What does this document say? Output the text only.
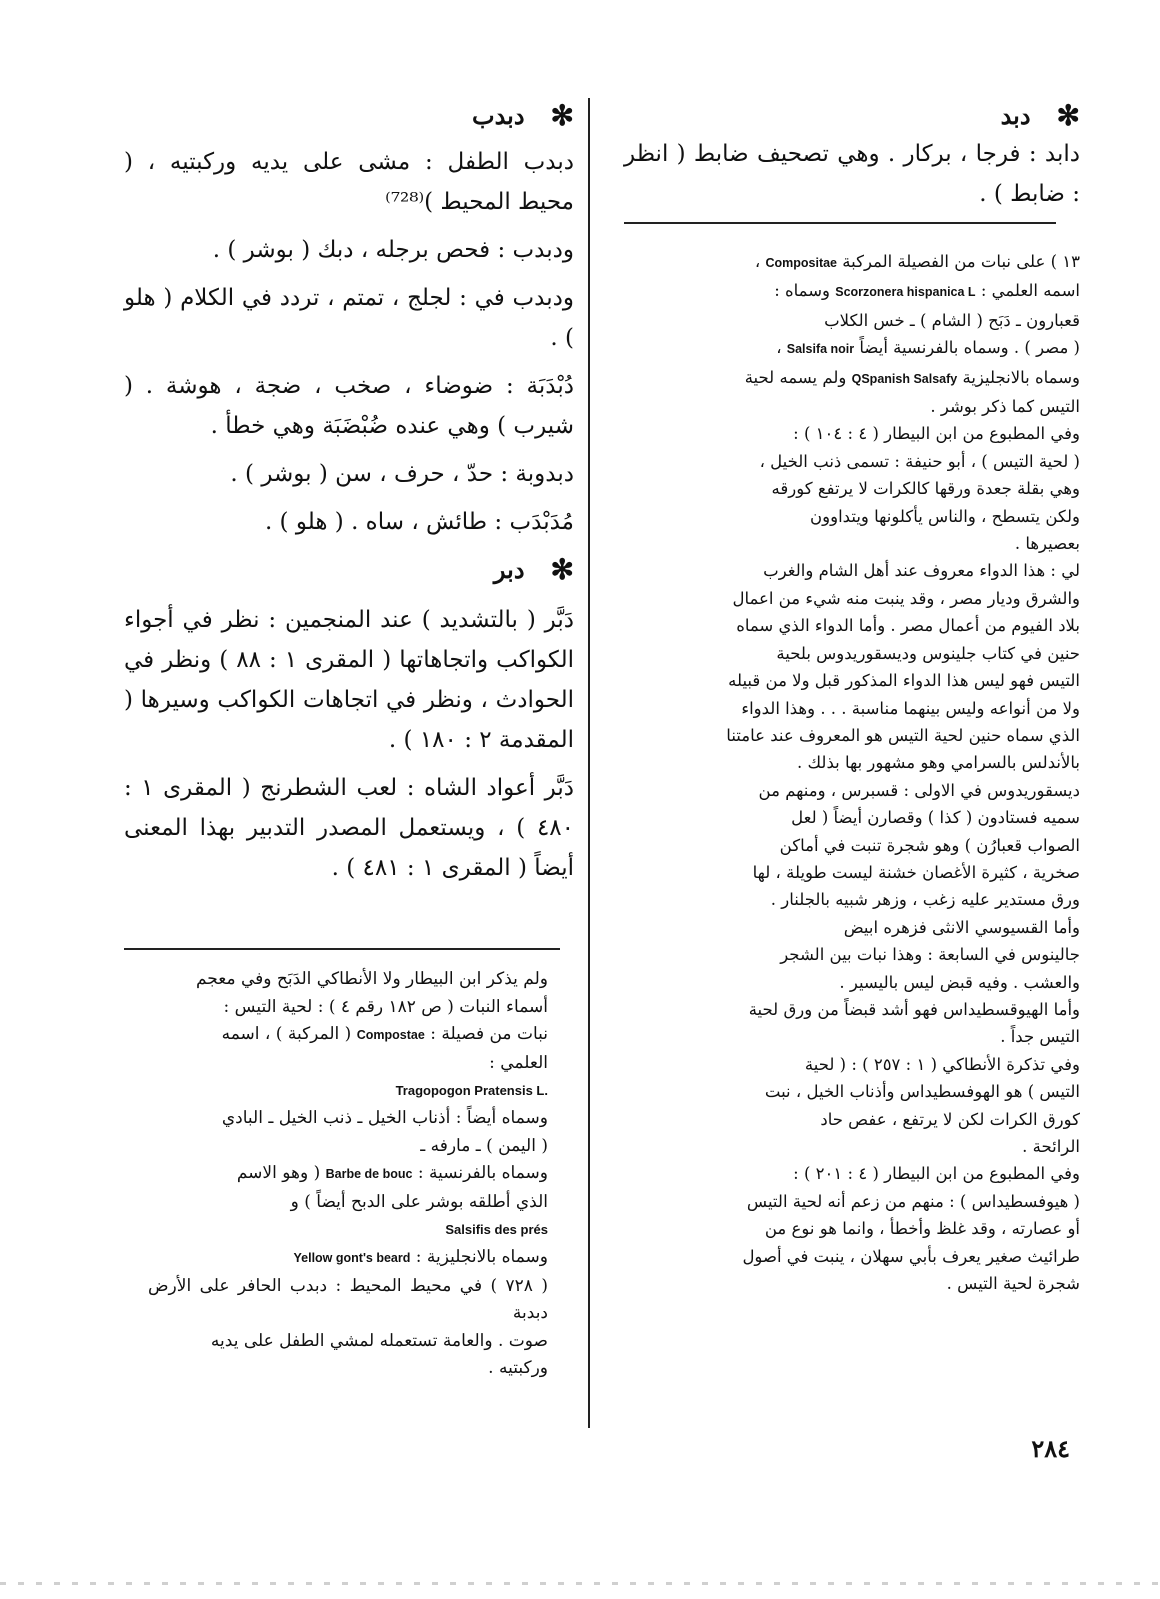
✻
دبد

دابد : فرجا ، بركار . وهي تصحيف ضابط ( انظر : ضابط ) .

١٣ ) على نبات من الفصيلة المركبة Compositae ،

اسمه العلمي : Scorzonera hispanica L وسماه :

قعبارون ـ دَبَح ( الشام ) ـ خس الكلاب

( مصر ) . وسماه بالفرنسية أيضاً Salsifa noir ،

وسماه بالانجليزية QSpanish Salsafy ولم يسمه لحية

التيس كما ذكر بوشر .

وفي المطبوع من ابن البيطار ( ٤ : ١٠٤ ) :

( لحية التيس ) ، أبو حنيفة : تسمى ذنب الخيل ،

وهي بقلة جعدة ورقها كالكرات لا يرتفع كورقه

ولكن يتسطح ، والناس يأكلونها ويتداوون

بعصيرها .

لي : هذا الدواء معروف عند أهل الشام والغرب

والشرق وديار مصر ، وقد ينبت منه شيء من اعمال

بلاد الفيوم من أعمال مصر . وأما الدواء الذي سماه

حنين في كتاب جلينوس وديسقوريدوس بلحية

التيس فهو ليس هذا الدواء المذكور قبل ولا من قبيله

ولا من أنواعه وليس بينهما مناسبة . . . وهذا الدواء

الذي سماه حنين لحية التيس هو المعروف عند عامتنا

بالأندلس بالسرامي وهو مشهور بها بذلك .

ديسقوريدوس في الاولى : قسبرس ، ومنهم من

سميه فستادون ( كذا ) وقصارن أيضاً ( لعل

الصواب قعبارُن ) وهو شجرة تنبت في أماكن

صخرية ، كثيرة الأغصان خشنة ليست طويلة ، لها

ورق مستدير عليه زغب ، وزهر شبيه بالجلنار .

وأما القسيوسي الانثى فزهره ابيض

جالينوس في السابعة : وهذا نبات بين الشجر

والعشب . وفيه قبض ليس باليسير .

وأما الهيوقسطيداس فهو أشد قبضاً من ورق لحية

التيس جداً .

وفي تذكرة الأنطاكي ( ١ : ٢٥٧ ) : ( لحية

التيس ) هو الهوفسطيداس وأذناب الخيل ، نبت

كورق الكرات لكن لا يرتفع ، عفص حاد

الرائحة .

وفي المطبوع من ابن البيطار ( ٤ : ٢٠١ ) :

( هيوفسطيداس ) : منهم من زعم أنه لحية التيس

أو عصارته ، وقد غلظ وأخطأ ، وانما هو نوع من

طرائيث صغير يعرف بأبي سهلان ، ينبت في أصول

شجرة لحية التيس .

✻
دبدب

دبدب الطفل : مشى على يديه وركبتيه ، ( محيط المحيط )⁽⁷²⁸⁾

ودبدب : فحص برجله ، دبك ( بوشر ) .

ودبدب في : لجلج ، تمتم ، تردد في الكلام ( هلو ) .

دُبْدَبَة : ضوضاء ، صخب ، ضجة ، هوشة . ( شيرب ) وهي عنده ضُبْضَبَة وهي خطأ .

دبدوبة : حدّ ، حرف ، سن ( بوشر ) .

مُدَبْدَب : طائش ، ساه . ( هلو ) .

✻
دبر

دَبَّر ( بالتشديد ) عند المنجمين : نظر في أجواء الكواكب واتجاهاتها ( المقرى ١ : ٨٨ ) ونظر في الحوادث ، ونظر في اتجاهات الكواكب وسيرها ( المقدمة ٢ : ١٨٠ ) .

دَبَّر أعواد الشاه : لعب الشطرنج ( المقرى ١ : ٤٨٠ ) ، ويستعمل المصدر التدبير بهذا المعنى أيضاً ( المقرى ١ : ٤٨١ ) .

ولم يذكر ابن البيطار ولا الأنطاكي الدَبَح وفي معجم

أسماء النبات ( ص ١٨٢ رقم ٤ ) : لحية التيس :

نبات من فصيلة : Compostae ( المركبة ) ، اسمه

العلمي :

Tragopogon Pratensis L.

وسماه أيضاً : أذناب الخيل ـ ذنب الخيل ـ البادي

( اليمن ) ـ مارفه ـ

وسماه بالفرنسية : Barbe de bouc ( وهو الاسم

الذي أطلقه بوشر على الدبح أيضاً ) و

Salsifis des prés

وسماه بالانجليزية : Yellow gont's beard

( ٧٢٨ ) في محيط المحيط : دبدب الحافر على الأرض دبدبة

صوت . والعامة تستعمله لمشي الطفل على يديه

وركبتيه .

٢٨٤
